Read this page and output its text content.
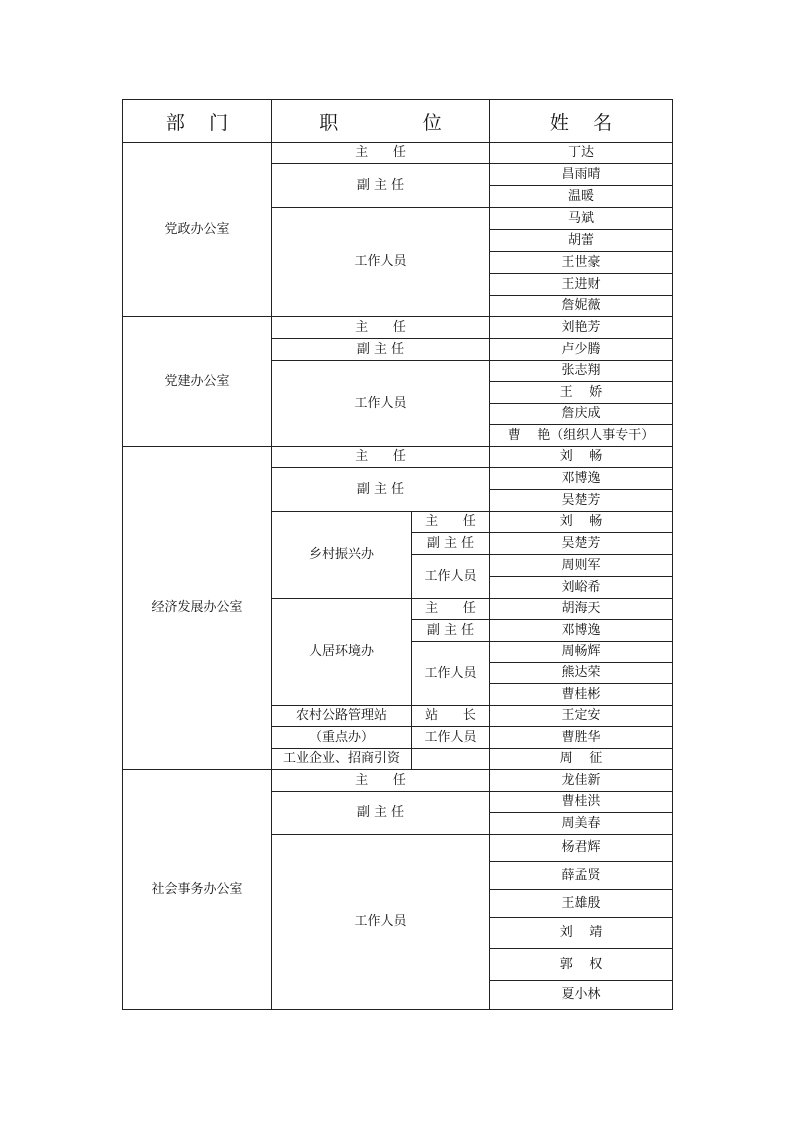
部    门	职              位		姓    名
党政办公室	主      任		丁达
	副 主 任		昌雨晴
			温暖
	工作人员		马斌
			胡蕾
			王世豪
			王进财
			詹妮薇
党建办公室	主      任		刘艳芳
	副 主 任		卢少腾
	工作人员		张志翔
			王    娇
			詹庆成
			曹    艳（组织人事专干）
经济发展办公室	主      任		刘    畅
	副 主 任		邓博逸
			吴楚芳
	乡村振兴办	主      任	刘    畅
		副 主 任	吴楚芳
		工作人员	周则军
			刘峪希
	人居环境办	主      任	胡海天
		副 主 任	邓博逸
		工作人员	周畅辉
			熊达荣
			曹桂彬
	农村公路管理站	站      长	王定安
	（重点办）	工作人员	曹胜华
	工业企业、招商引资		周    征
社会事务办公室	主      任		龙佳新
	副 主 任		曹桂洪
			周美春
	工作人员		杨君辉
			薛孟贤
			王雄殷
			刘    靖
			郭    权
			夏小林
